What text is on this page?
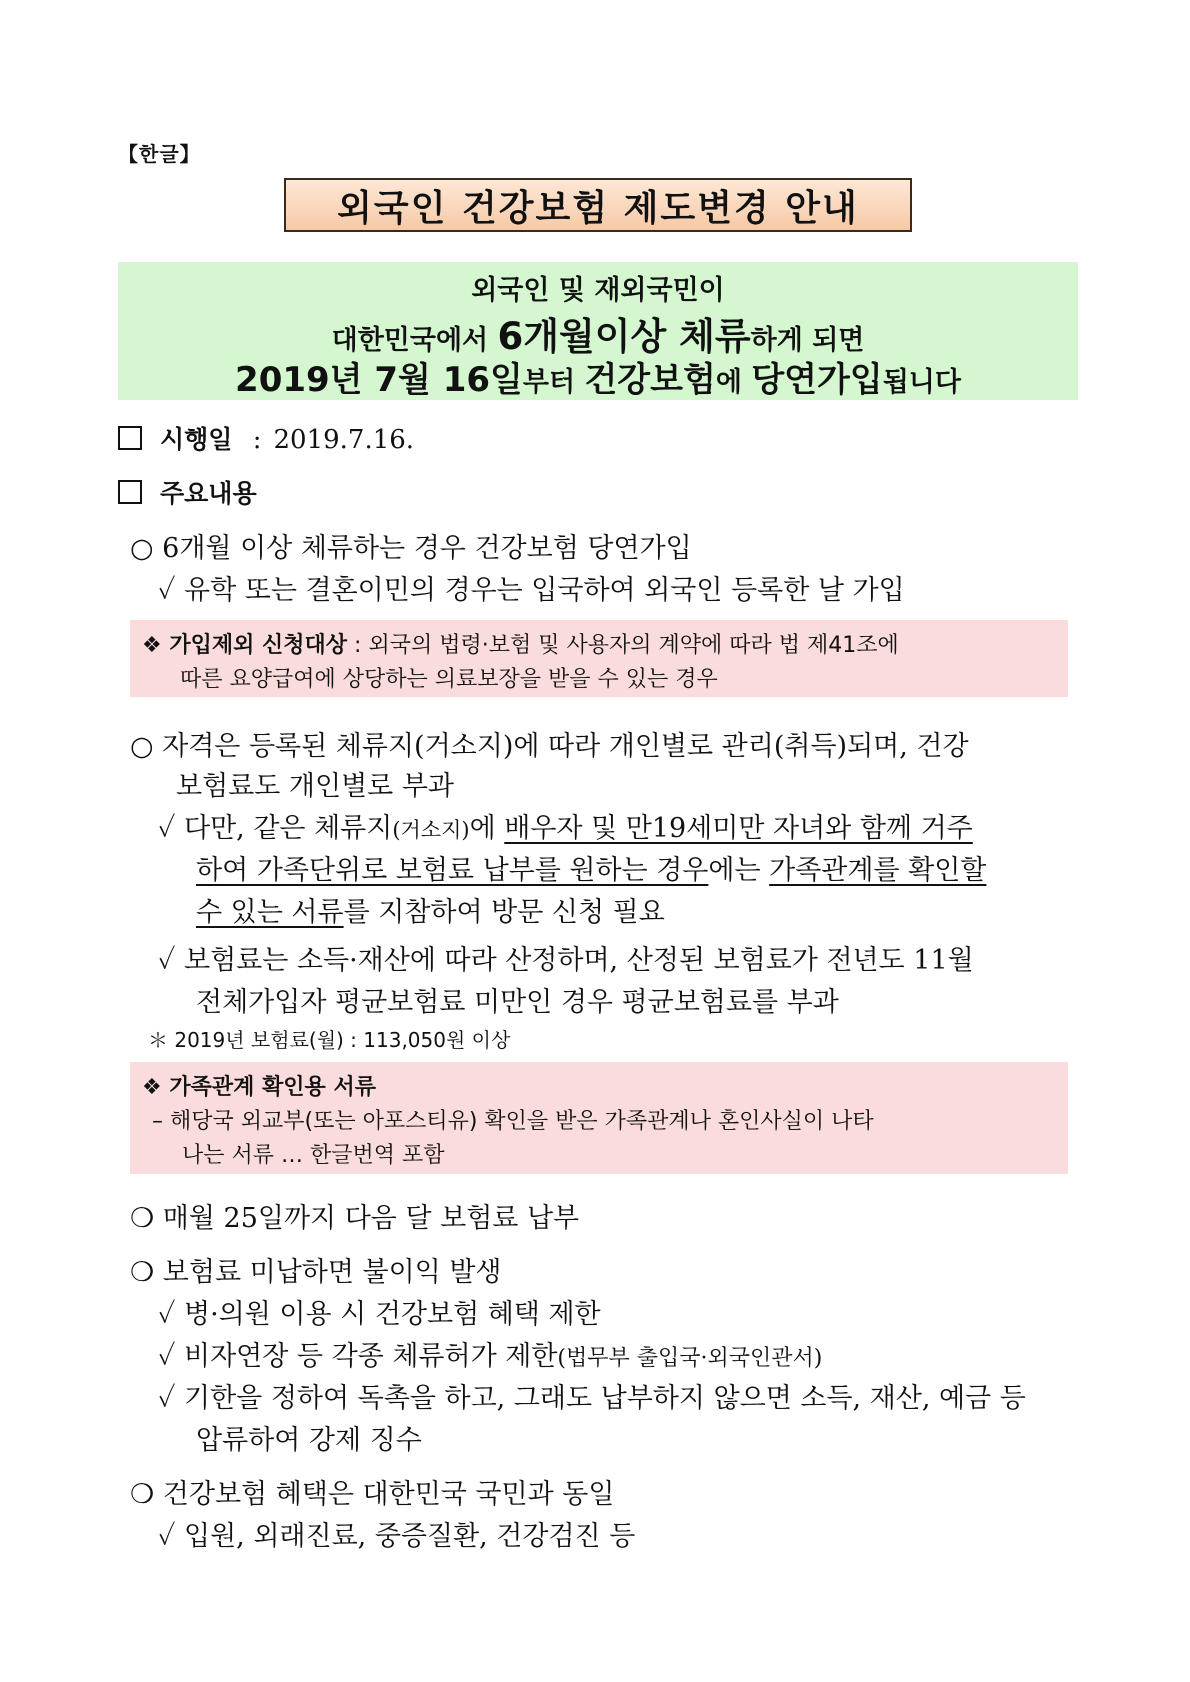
【한글】
외국인 건강보험 제도변경 안내
외국인 및 재외국민이
대한민국에서 6개월이상 체류하게 되면
2019년 7월 16일부터 건강보험에 당연가입됩니다
시행일 : 2019.7.16.
주요내용
○ 6개월 이상 체류하는 경우 건강보험 당연가입
✓ 유학 또는 결혼이민의 경우는 입국하여 외국인 등록한 날 가입
❖ 가입제외 신청대상 : 외국의 법령·보험 및 사용자의 계약에 따라 법 제41조에
따른 요양급여에 상당하는 의료보장을 받을 수 있는 경우
○ 자격은 등록된 체류지(거소지)에 따라 개인별로 관리(취득)되며, 건강
보험료도 개인별로 부과
✓ 다만, 같은 체류지(거소지)에 배우자 및 만19세미만 자녀와 함께 거주
하여 가족단위로 보험료 납부를 원하는 경우에는 가족관계를 확인할
수 있는 서류를 지참하여 방문 신청 필요
✓ 보험료는 소득·재산에 따라 산정하며, 산정된 보험료가 전년도 11월
전체가입자 평균보험료 미만인 경우 평균보험료를 부과
＊ 2019년 보험료(월) : 113,050원 이상
❖ 가족관계 확인용 서류
– 해당국 외교부(또는 아포스티유) 확인을 받은 가족관계나 혼인사실이 나타
나는 서류 … 한글번역 포함
❍ 매월 25일까지 다음 달 보험료 납부
❍ 보험료 미납하면 불이익 발생
✓ 병·의원 이용 시 건강보험 혜택 제한
✓ 비자연장 등 각종 체류허가 제한(법무부 출입국·외국인관서)
✓ 기한을 정하여 독촉을 하고, 그래도 납부하지 않으면 소득, 재산, 예금 등
압류하여 강제 징수
❍ 건강보험 혜택은 대한민국 국민과 동일
✓ 입원, 외래진료, 중증질환, 건강검진 등
